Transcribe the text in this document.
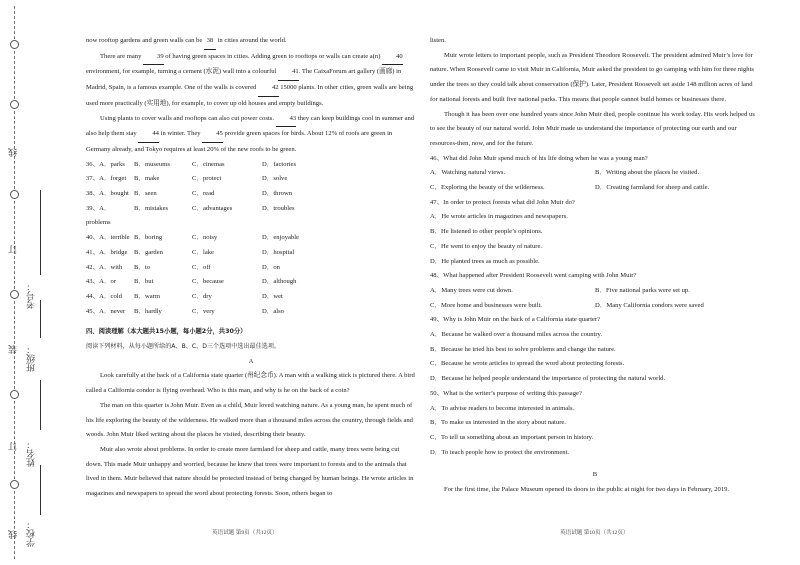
线
订
装
订
线 学校：
姓名：
班级：
考号：

now rooftop gardens and green walls can be 38 in cities around the world.

There are many 39 of having green spaces in cities. Adding green to rooftops or walls can create a(n) 40 environment, for example, turning a cement (水泥) wall into a colourful 41. The CaixaForum art gallery (画廊) in Madrid, Spain, is a famous example. One of the walls is covered 42 15000 plants. In other cities, green walls are being used more practically (实用地), for example, to cover up old houses and empty buildings.

Using plants to cover walls and rooftops can also cut power costs. 43 they can keep buildings cool in summer and also help them stay 44 in winter. They 45 provide green spaces for birds. About 12% of roofs are green in Germany already, and Tokyo requires at least 20% of the new roofs to be green.

36、A．parks	B．museums	C．cinemas	D．factories
37、A．forget	B．make	C．protect	D．solve
38、A．bought B．seen	C．read	D．thrown
39、A．problems
B．mistakes	C．advantages	D．troubles
40、A．terrible B．boring	C．noisy	D．enjoyable
41、A．bridge	B．garden	C．lake	D．hospital
42、A．with	B．to	C．off	D．on
43、A．or	B．but	C．because	D．although
44、A．cold	B．warm	C．dry	D．wet
45、A．never	B．hardly	C．very	D．also

四、阅读理解（本大题共15小题，每小题2分，共30分）

阅读下列材料，从每小题所给的A、B、C、D三个选项中选出最佳选项。

A

Look carefully at the back of a California state quarter (州纪念币). A man with a walking stick is pictured there. A bird called a California condor is flying overhead. Who is this man, and why is he on the back of a coin?

The man on this quarter is John Muir. Even as a child, Muir loved watching nature. As a young man, he spent much of his life exploring the beauty of the wilderness. He walked more than a thousand miles across the country, through fields and woods. John Muir liked writing about the places he visited, describing their beauty.

Muir also wrote about problems. In order to create more farmland for sheep and cattle, many trees were being cut down. This made Muir unhappy and worried, because he knew that trees were important to forests and to the animals that lived in them. Muir believed that nature should be protected instead of being changed by human beings. He wrote articles in magazines and newspapers to spread the word about protecting forests. Soon, others began to

英语试题 第9页（共12页）

listen.

Muir wrote letters to important people, such as President Theodore Roosevelt. The president admired Muir’s love for nature. When Roosevelt came to visit Muir in California, Muir asked the president to go camping with him for three nights under the trees so they could talk about conservation (保护). Later, President Roosevelt set aside 148 million acres of land for national forests and built five national parks. This means that people cannot build homes or businesses there.

Though it has been over one hundred years since John Muir died, people continue his work today. His work helped us to see the beauty of our natural world. John Muir made us understand the importance of protecting our earth and our resources-then, now, and for the future.

46、What did John Muir spend much of his life doing when he was a young man?

A．Watching natural views.	B．Writing about the places he visited.
C．Exploring the beauty of the wilderness.	D．Creating farmland for sheep and cattle.

47、In order to protect forests what did John Muir do?

A．He wrote articles in magazines and newspapers.

B．He listened to other people’s opinions.

C．He went to enjoy the beauty of nature.

D．He planted trees as much as possible.

48、What happened after President Roosevelt went camping with John Muir?

A．Many trees were cut down.	B．Five national parks were set up.
C．More home and businesses were built.	D．Many California condors were saved

49、Why is John Muir on the back of a California state quarter?

A．Because he walked over a thousand miles across the country.

B．Because he tried his best to solve problems and change the nature.

C．Because he wrote articles to spread the word about protecting forests.

D．Because he helped people understand the importance of protecting the natural world.

50、What is the writer’s purpose of writing this passage?

A．To advise readers to become interested in animals.

B．To make us interested in the story about nature.

C．To tell us something about an important person in history.

D．To teach people how to protect the environment.

B

For the first time, the Palace Museum opened its doors to the public at night for two days in February, 2019.

英语试题 第10页（共12页）
